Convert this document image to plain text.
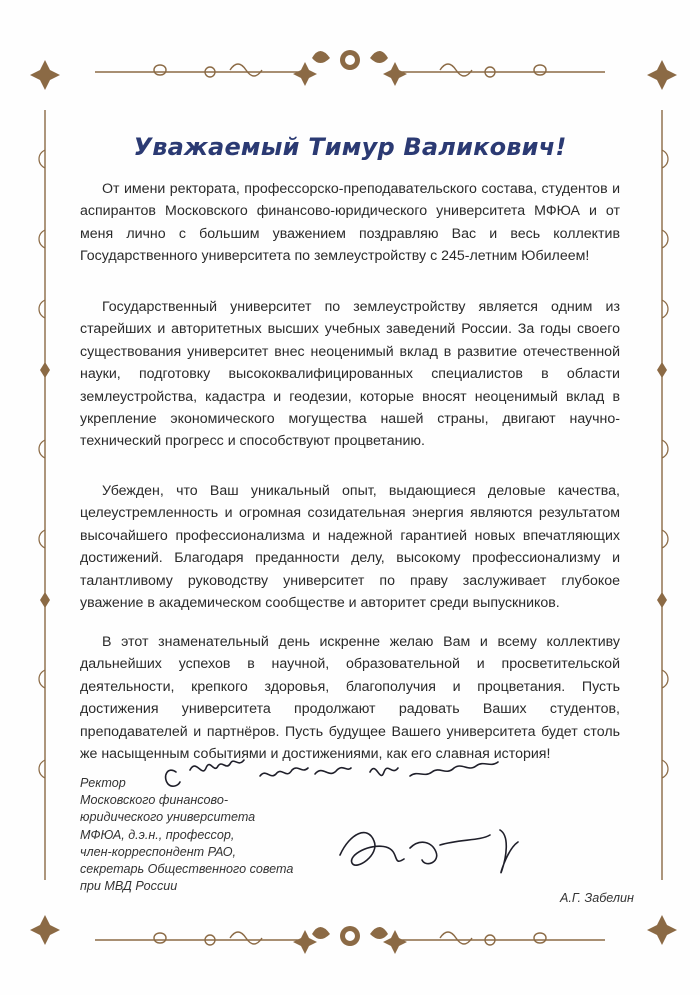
Уважаемый Тимур Валикович!

От имени ректората, профессорско-преподавательского состава, студентов и аспирантов Московского финансово-юридического университета МФЮА и от меня лично с большим уважением поздравляю Вас и весь коллектив Государственного университета по землеустройству с 245-летним Юбилеем!

Государственный университет по землеустройству является одним из старейших и авторитетных высших учебных заведений России. За годы своего существования университет внес неоценимый вклад в развитие отечественной науки, подготовку высококвалифицированных специалистов в области землеустройства, кадастра и геодезии, которые вносят неоценимый вклад в укрепление экономического могущества нашей страны, двигают научно-технический прогресс и способствуют процветанию.

Убежден, что Ваш уникальный опыт, выдающиеся деловые качества, целеустремленность и огромная созидательная энергия являются результатом высочайшего профессионализма и надежной гарантией новых впечатляющих достижений. Благодаря преданности делу, высокому профессионализму и талантливому руководству университет по праву заслуживает глубокое уважение в академическом сообществе и авторитет среди выпускников.

В этот знаменательный день искренне желаю Вам и всему коллективу дальнейших успехов в научной, образовательной и просветительской деятельности, крепкого здоровья, благополучия и процветания. Пусть достижения университета продолжают радовать Ваших студентов, преподавателей и партнёров. Пусть будущее Вашего университета будет столь же насыщенным событиями и достижениями, как его славная история!

Ректор
Московского финансово-
юридического университета
МФЮА, д.э.н., профессор,
член-корреспондент РАО,
секретарь Общественного совета
при МВД России
А.Г. Забелин
